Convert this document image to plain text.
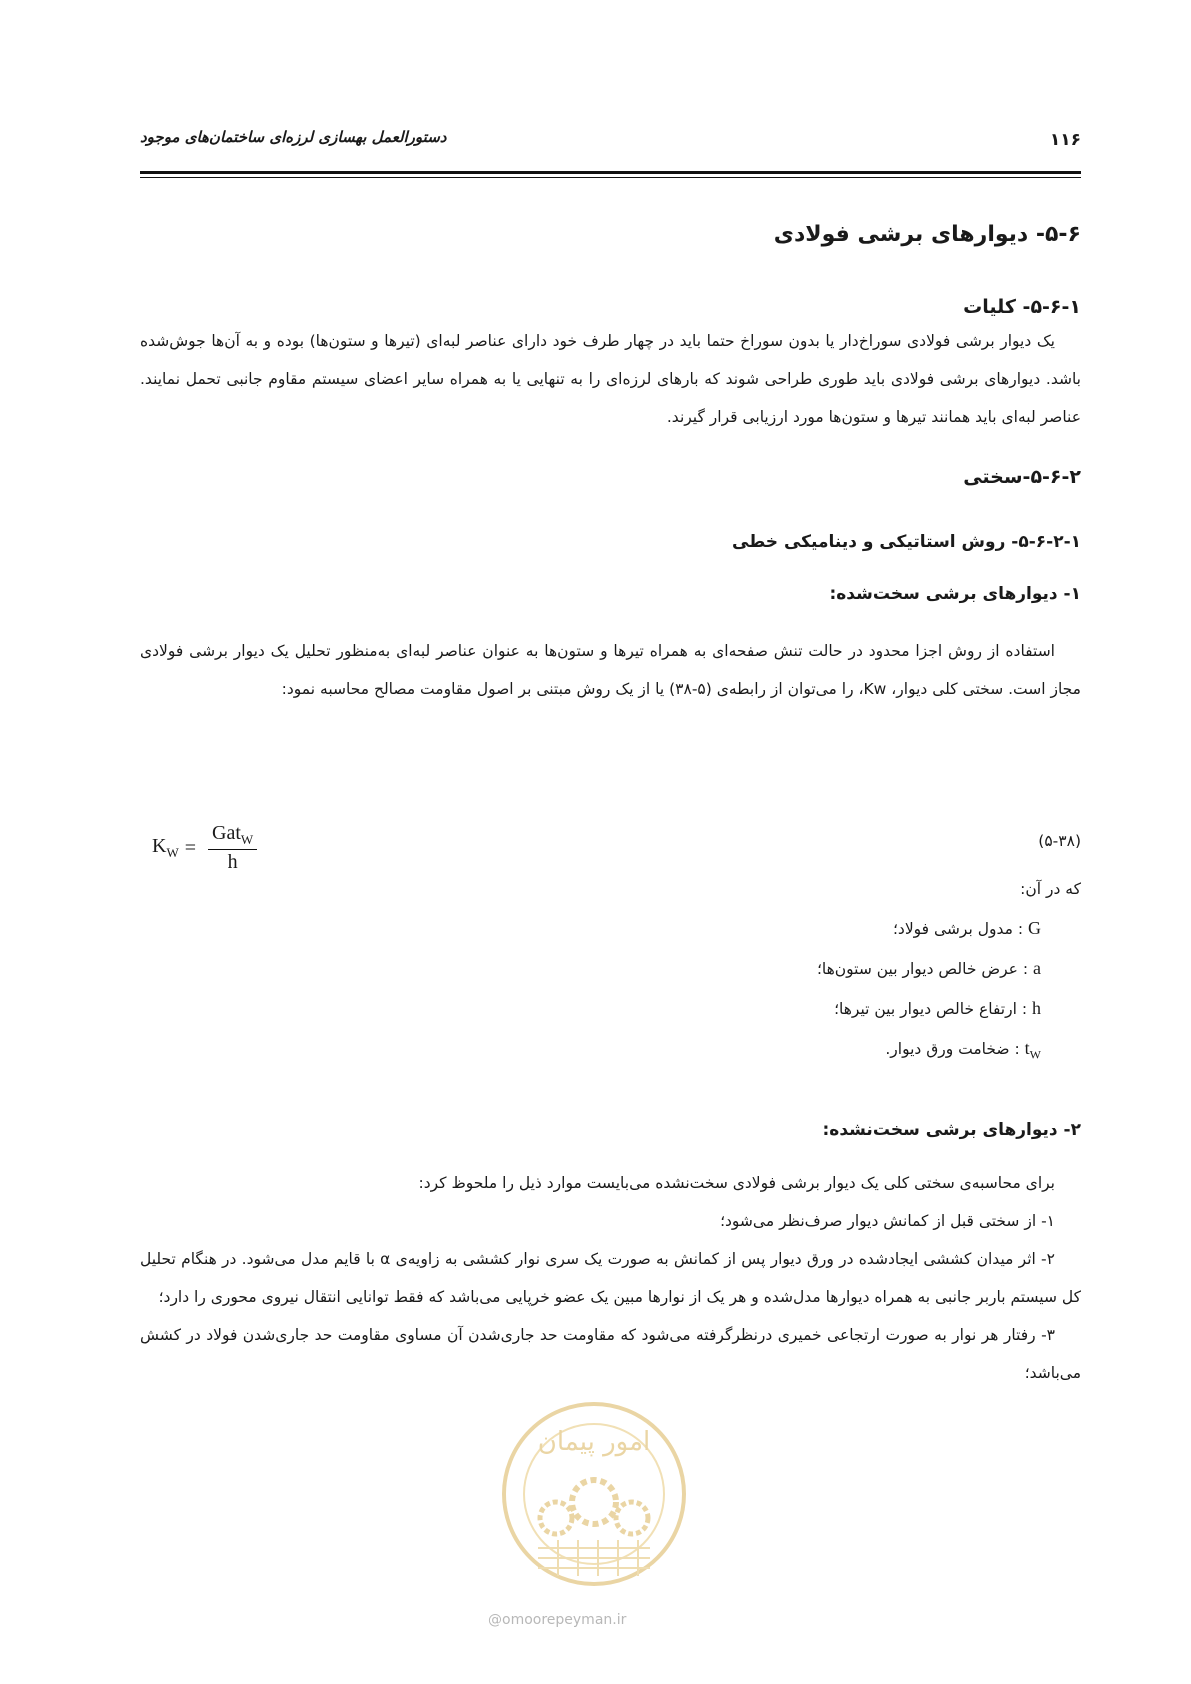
دستورالعمل بهسازی لرزه‌ای ساختمان‌های موجود	۱۱۶
۵-۶- دیوارهای برشی فولادی
۵-۶-۱- کلیات

یک دیوار برشی فولادی سوراخ‌دار یا بدون سوراخ حتما باید در چهار طرف خود دارای عناصر لبه‌ای (تیرها و ستون‌ها) بوده و به آن‌ها جوش‌شده باشد. دیوارهای برشی فولادی باید طوری طراحی شوند که بارهای لرزه‌ای را به تنهایی یا به همراه سایر اعضای سیستم مقاوم جانبی تحمل نمایند. عناصر لبه‌ای باید همانند تیرها و ستون‌ها مورد ارزیابی قرار گیرند.

۵-۶-۲-سختی
۵-۶-۲-۱- روش استاتیکی و دینامیکی خطی
۱- دیوارهای برشی سخت‌شده:

استفاده از روش اجزا محدود در حالت تنش صفحه‌ای به همراه تیرها و ستون‌ها به عنوان عناصر لبه‌ای به‌منظور تحلیل یک دیوار برشی فولادی مجاز است. سختی کلی دیوار، Kw، را می‌توان از رابطه‌ی (۵-۳۸) یا از یک روش مبتنی بر اصول مقاومت مصالح محاسبه نمود:

$K_W = \frac{Gat_W}{h}$	(۵-۳۸)
که در آن:
G : مدول برشی فولاد؛
a : عرض خالص دیوار بین ستون‌ها؛
h : ارتفاع خالص دیوار بین تیرها؛
$t_W$ : ضخامت ورق دیوار.
۲- دیوارهای برشی سخت‌نشده:

برای محاسبه‌ی سختی کلی یک دیوار برشی فولادی سخت‌نشده می‌بایست موارد ذیل را ملحوظ کرد:

۱- از سختی قبل از کمانش دیوار صرف‌نظر می‌شود؛

۲- اثر میدان کششی ایجادشده در ورق دیوار پس از کمانش به صورت یک سری نوار کششی به زاویه‌ی α با قایم مدل می‌شود. در هنگام تحلیل کل سیستم باربر جانبی به همراه دیوارها مدل‌شده و هر یک از نوارها مبین یک عضو خرپایی می‌باشد که فقط توانایی انتقال نیروی محوری را دارد؛

۳- رفتار هر نوار به صورت ارتجاعی خمیری درنظرگرفته می‌شود که مقاومت حد جاری‌شدن آن مساوی مقاومت حد جاری‌شدن فولاد در کشش می‌باشد؛

امور پیمان
@omoorepeyman.ir
